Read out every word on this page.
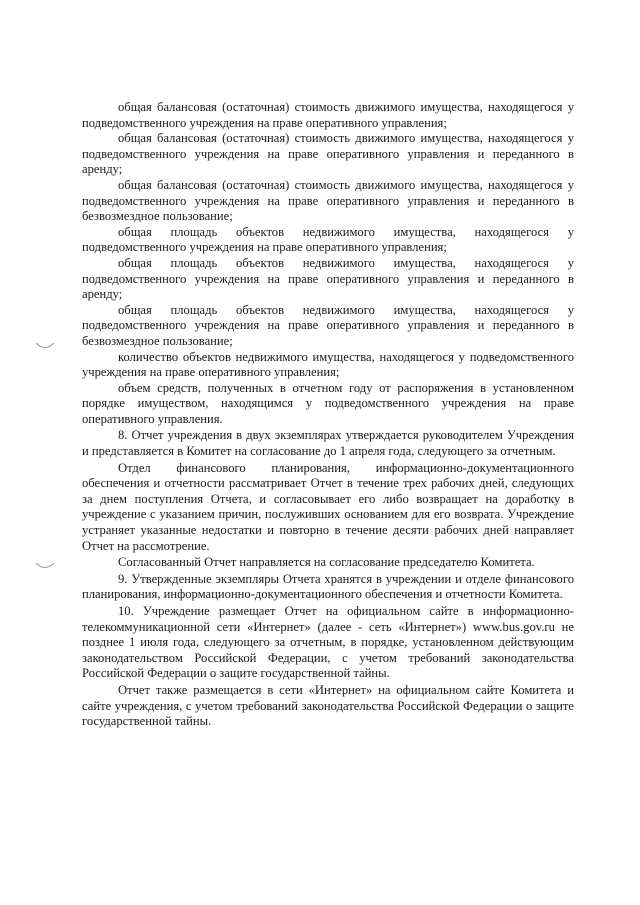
общая балансовая (остаточная) стоимость движимого имущества, находящегося у подведомственного учреждения на праве оперативного управления;

общая балансовая (остаточная) стоимость движимого имущества, находящегося у подведомственного учреждения на праве оперативного управления и переданного в аренду;

общая балансовая (остаточная) стоимость движимого имущества, находящегося у подведомственного учреждения на праве оперативного управления и переданного в безвозмездное пользование;

общая площадь объектов недвижимого имущества, находящегося у подведомственного учреждения на праве оперативного управления;

общая площадь объектов недвижимого имущества, находящегося у подведомственного учреждения на праве оперативного управления и переданного в аренду;

общая площадь объектов недвижимого имущества, находящегося у подведомственного учреждения на праве оперативного управления и переданного в безвозмездное пользование;

количество объектов недвижимого имущества, находящегося у подведомственного учреждения на праве оперативного управления;

объем средств, полученных в отчетном году от распоряжения в установленном порядке имуществом, находящимся у подведомственного учреждения на праве оперативного управления.

8. Отчет учреждения в двух экземплярах утверждается руководителем Учреждения и представляется в Комитет на согласование до 1 апреля года, следующего за отчетным.

Отдел финансового планирования, информационно-документационного обеспечения и отчетности рассматривает Отчет в течение трех рабочих дней, следующих за днем поступления Отчета, и согласовывает его либо возвращает на доработку в учреждение с указанием причин, послуживших основанием для его возврата. Учреждение устраняет указанные недостатки и повторно в течение десяти рабочих дней направляет Отчет на рассмотрение.

Согласованный Отчет направляется на согласование председателю Комитета.

9. Утвержденные экземпляры Отчета хранятся в учреждении и отделе финансового планирования, информационно-документационного обеспечения и отчетности Комитета.

10. Учреждение размещает Отчет на официальном сайте в информационно-телекоммуникационной сети «Интернет» (далее - сеть «Интернет») www.bus.gov.ru не позднее 1 июля года, следующего за отчетным, в порядке, установленном действующим законодательством Российской Федерации, с учетом требований законодательства Российской Федерации о защите государственной тайны.

Отчет также размещается в сети «Интернет» на официальном сайте Комитета и сайте учреждения, с учетом требований законодательства Российской Федерации о защите государственной тайны.
